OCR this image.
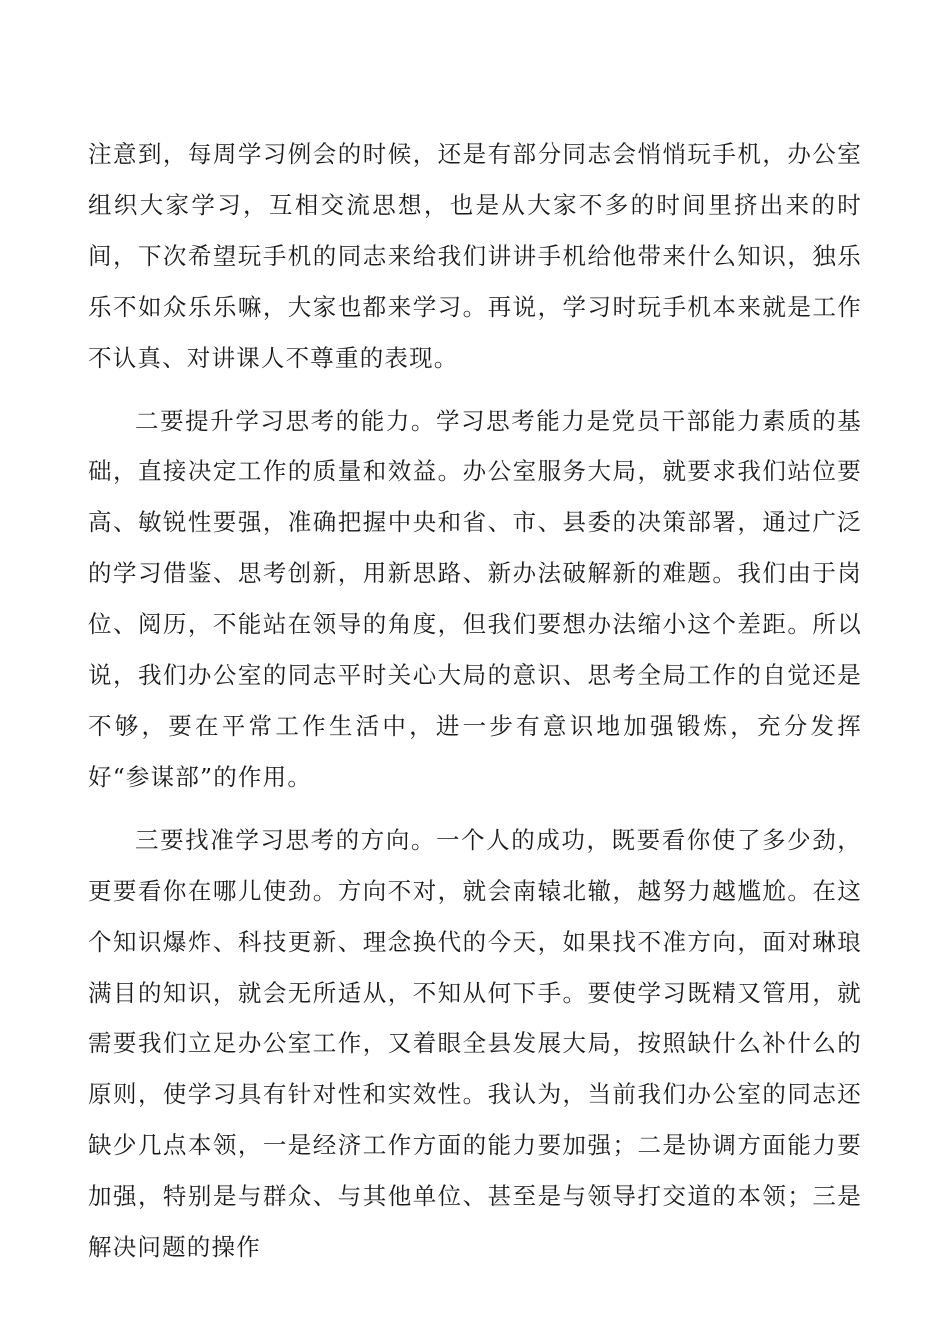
注意到，每周学习例会的时候，还是有部分同志会悄悄玩手机，办公室组织大家学习，互相交流思想，也是从大家不多的时间里挤出来的时间，下次希望玩手机的同志来给我们讲讲手机给他带来什么知识，独乐乐不如众乐乐嘛，大家也都来学习。再说，学习时玩手机本来就是工作不认真、对讲课人不尊重的表现。

二要提升学习思考的能力。学习思考能力是党员干部能力素质的基础，直接决定工作的质量和效益。办公室服务大局，就要求我们站位要高、敏锐性要强，准确把握中央和省、市、县委的决策部署，通过广泛的学习借鉴、思考创新，用新思路、新办法破解新的难题。我们由于岗位、阅历，不能站在领导的角度，但我们要想办法缩小这个差距。所以说，我们办公室的同志平时关心大局的意识、思考全局工作的自觉还是不够，要在平常工作生活中，进一步有意识地加强锻炼，充分发挥好“参谋部”的作用。

三要找准学习思考的方向。一个人的成功，既要看你使了多少劲，更要看你在哪儿使劲。方向不对，就会南辕北辙，越努力越尴尬。在这个知识爆炸、科技更新、理念换代的今天，如果找不准方向，面对琳琅满目的知识，就会无所适从，不知从何下手。要使学习既精又管用，就需要我们立足办公室工作，又着眼全县发展大局，按照缺什么补什么的原则，使学习具有针对性和实效性。我认为，当前我们办公室的同志还缺少几点本领，一是经济工作方面的能力要加强；二是协调方面能力要加强，特别是与群众、与其他单位、甚至是与领导打交道的本领；三是解决问题的操作
